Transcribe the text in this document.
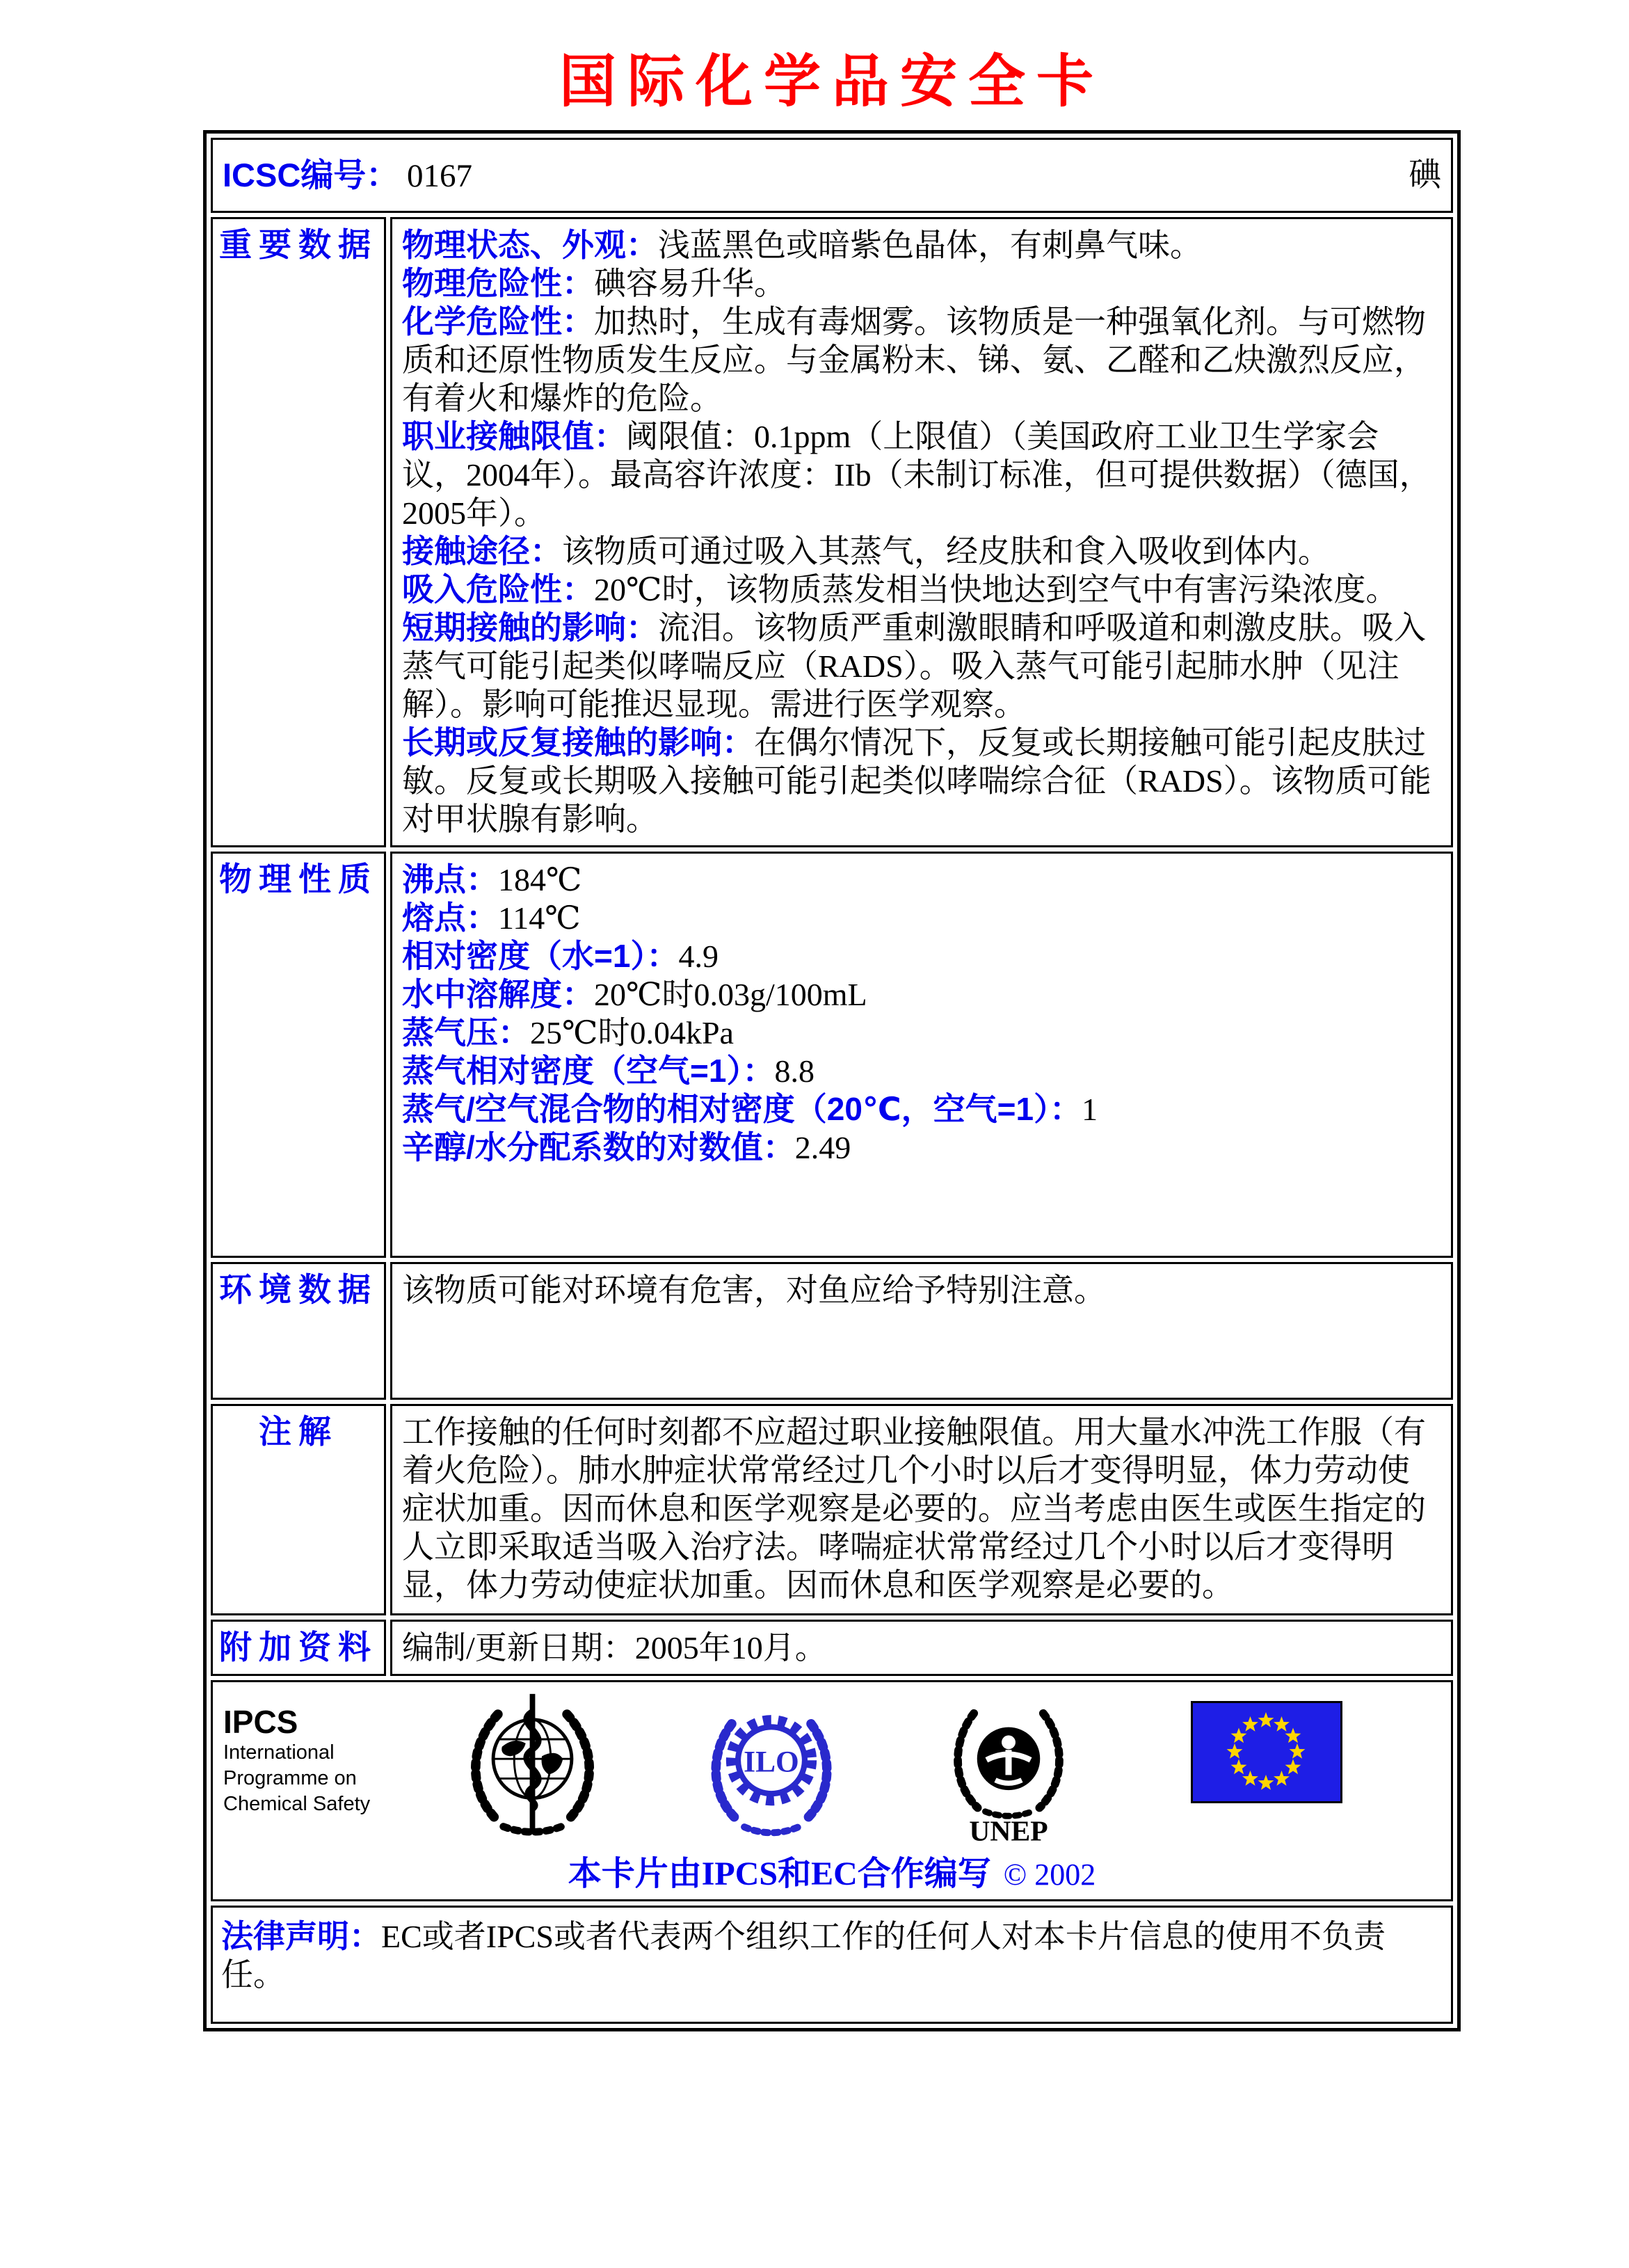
国际化学品安全卡
ICSC编号： 0167 碘	

重要数据	物理状态、外观：浅蓝黑色或暗紫色晶体，有刺鼻气味。
物理危险性：碘容易升华。
化学危险性：加热时，生成有毒烟雾。该物质是一种强氧化剂。与可燃物质和还原性物质发生反应。与金属粉末、锑、氨、乙醛和乙炔激烈反应，有着火和爆炸的危险。
职业接触限值：阈限值：0.1ppm（上限值）（美国政府工业卫生学家会议，2004年）。最高容许浓度：IIb（未制订标准，但可提供数据）（德国，2005年）。
接触途径：该物质可通过吸入其蒸气，经皮肤和食入吸收到体内。
吸入危险性：20℃时，该物质蒸发相当快地达到空气中有害污染浓度。
短期接触的影响：流泪。该物质严重刺激眼睛和呼吸道和刺激皮肤。吸入蒸气可能引起类似哮喘反应（RADS）。吸入蒸气可能引起肺水肿（见注解）。影响可能推迟显现。需进行医学观察。
长期或反复接触的影响：在偶尔情况下，反复或长期接触可能引起皮肤过敏。反复或长期吸入接触可能引起类似哮喘综合征（RADS）。该物质可能对甲状腺有影响。

物理性质	沸点：184℃
熔点：114℃
相对密度（水=1）：4.9
水中溶解度：20℃时0.03g/100mL
蒸气压：25℃时0.04kPa
蒸气相对密度（空气=1）：8.8
蒸气/空气混合物的相对密度（20℃，空气=1）：1
辛醇/水分配系数的对数值：2.49

环境数据	该物质可能对环境有危害，对鱼应给予特别注意。

注解	工作接触的任何时刻都不应超过职业接触限值。用大量水冲洗工作服（有着火危险）。肺水肿症状常常经过几个小时以后才变得明显，体力劳动使症状加重。因而休息和医学观察是必要的。应当考虑由医生或医生指定的人立即采取适当吸入治疗法。哮喘症状常常经过几个小时以后才变得明显，体力劳动使症状加重。因而休息和医学观察是必要的。

附加资料	编制/更新日期：2005年10月。

IPCS
International
Programme on
Chemical Safety
ILO
UNEP
本卡片由IPCS和EC合作编写 © 2002

法律声明：EC或者IPCS或者代表两个组织工作的任何人对本卡片信息的使用不负责任。	
